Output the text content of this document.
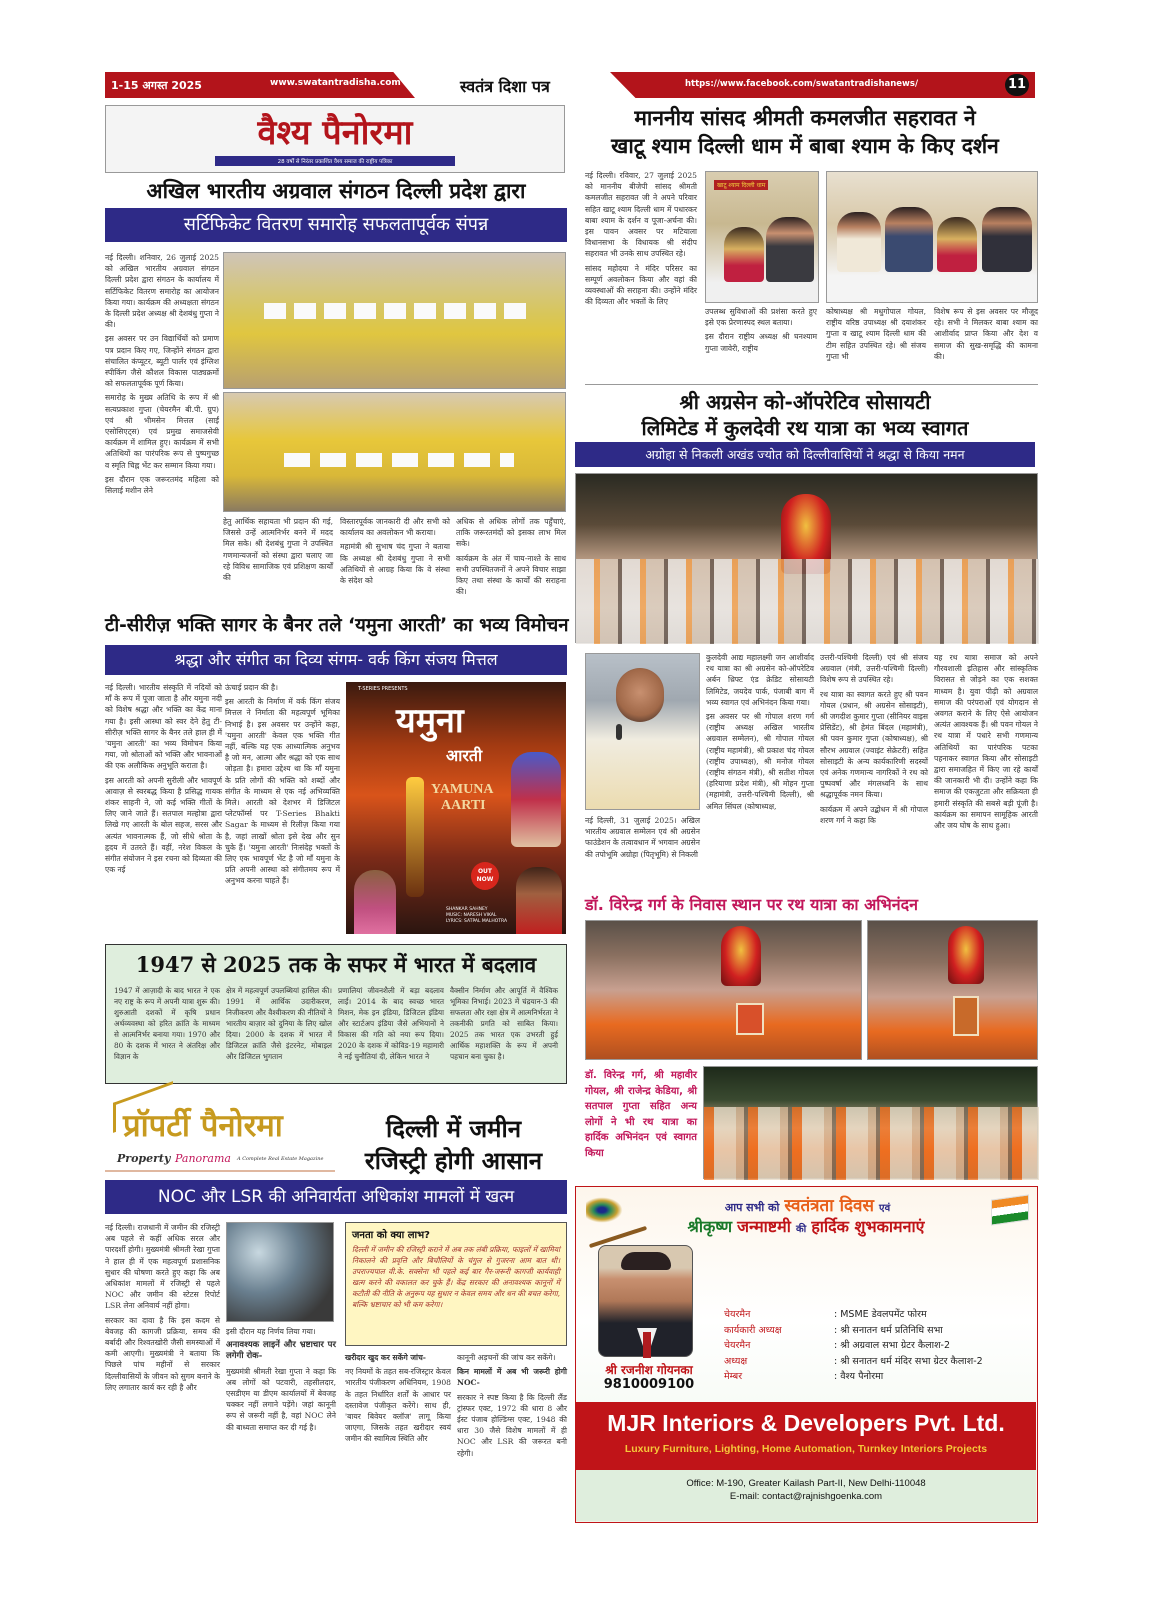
1-15 अगस्त 2025	www.swatantradisha.com	स्वतंत्र दिशा पत्र	https://www.facebook.com/swatantradishanews/	11
वैश्य पैनोरमा
28 वर्षों से निरंतर प्रकाशित वैश्य समाज की राष्ट्रीय पत्रिका
अखिल भारतीय अग्रवाल संगठन दिल्ली प्रदेश द्वारा
सर्टिफिकेट वितरण समारोह सफलतापूर्वक संपन्न

नई दिल्ली। शनिवार, 26 जुलाई 2025 को अखिल भारतीय अग्रवाल संगठन दिल्ली प्रदेश द्वारा संगठन के कार्यालय में सर्टिफिकेट वितरण समारोह का आयोजन किया गया। कार्यक्रम की अध्यक्षता संगठन के दिल्ली प्रदेश अध्यक्ष श्री देशबंधु गुप्ता ने की।

इस अवसर पर उन विद्यार्थियों को प्रमाण पत्र प्रदान किए गए, जिन्होंने संगठन द्वारा संचालित कंप्यूटर, ब्यूटी पार्लर एवं इंग्लिश स्पीकिंग जैसे कौशल विकास पाठ्यक्रमों को सफलतापूर्वक पूर्ण किया।

समारोह के मुख्य अतिथि के रूप में श्री सत्यप्रकाश गुप्ता (चेयरमैन बी.पी. ग्रुप) एवं श्री भीमसेन मित्तल (साईं एसोसिएट्स) एवं प्रमुख समाजसेवी कार्यक्रम में शामिल हुए। कार्यक्रम में सभी अतिथियों का पारंपरिक रूप से पुष्पगुच्छ व स्मृति चिह्न भेंट कर सम्मान किया गया।

इस दौरान एक जरूरतमंद महिला को सिलाई मशीन लेने

हेतु आर्थिक सहायता भी प्रदान की गई, जिससे उन्हें आत्मनिर्भर बनने में मदद मिल सके। श्री देशबंधु गुप्ता ने उपस्थित गणमान्यजनों को संस्था द्वारा चलाए जा रहे विविध सामाजिक एवं प्रशिक्षण कार्यों की

विस्तारपूर्वक जानकारी दी और सभी को कार्यालय का अवलोकन भी कराया।

महामंत्री श्री सुभाष चंद गुप्ता ने बताया कि अध्यक्ष श्री देशबंधु गुप्ता ने सभी अतिथियों से आग्रह किया कि वे संस्था के संदेश को

अधिक से अधिक लोगों तक पहुँचाएं, ताकि जरूरतमंदों को इसका लाभ मिल सके।

कार्यक्रम के अंत में चाय-नाश्ते के साथ सभी उपस्थितजनों ने अपने विचार साझा किए तथा संस्था के कार्यों की सराहना की।

टी-सीरीज़ भक्ति सागर के बैनर तले ‘यमुना आरती’ का भव्य विमोचन
श्रद्धा और संगीत का दिव्य संगम- वर्क किंग संजय मित्तल

नई दिल्ली। भारतीय संस्कृति में नदियों को माँ के रूप में पूजा जाता है और यमुना नदी को विशेष श्रद्धा और भक्ति का केंद्र माना गया है। इसी आस्था को स्वर देने हेतु टी-सीरीज़ भक्ति सागर के बैनर तले हाल ही में 'यमुना आरती' का भव्य विमोचन किया गया, जो श्रोताओं को भक्ति और भावनाओं की एक अलौकिक अनुभूति कराता है।

इस आरती को अपनी सुरीली और भावपूर्ण आवाज़ से स्वरबद्ध किया है प्रसिद्ध गायक शंकर साहनी ने, जो कई भक्ति गीतों के लिए जाने जाते हैं। सतपाल मल्होत्रा द्वारा लिखे गए आरती के बोल सहज, सरस और अत्यंत भावनात्मक हैं, जो सीधे श्रोता के हृदय में उतरते हैं। वहीं, नरेश विकल के संगीत संयोजन ने इस रचना को दिव्यता की एक नई

ऊंचाई प्रदान की है।

इस आरती के निर्माण में वर्क किंग संजय मित्तल ने निर्माता की महत्वपूर्ण भूमिका निभाई है। इस अवसर पर उन्होंने कहा, 'यमुना आरती' केवल एक भक्ति गीत नहीं, बल्कि यह एक आध्यात्मिक अनुभव है जो मन, आत्मा और श्रद्धा को एक साथ जोड़ता है। हमारा उद्देश्य था कि माँ यमुना के प्रति लोगों की भक्ति को शब्दों और संगीत के माध्यम से एक नई अभिव्यक्ति मिले। आरती को देशभर में डिजिटल प्लेटफॉर्म्स पर T-Series Bhakti Sagar के माध्यम से रिलीज़ किया गया है, जहां लाखों श्रोता इसे देख और सुन चुके हैं। 'यमुना आरती' निःसंदेह भक्तों के लिए एक भावपूर्ण भेंट है जो माँ यमुना के प्रति अपनी आस्था को संगीतमय रूप में अनुभव करना चाहते हैं।

T-SERIES PRESENTS
यमुना
आरती
YAMUNA
AARTI
OUT
NOW
SHANKAR SAHNEY
MUSIC: NARESH VIKAL
LYRICS: SATPAL MALHOTRA
1947 से 2025 तक के सफर में भारत में बदलाव
1947 में आज़ादी के बाद भारत ने एक नए राष्ट्र के रूप में अपनी यात्रा शुरू की। शुरुआती दशकों में कृषि प्रधान अर्थव्यवस्था को हरित क्रांति के माध्यम से आत्मनिर्भर बनाया गया। 1970 और 80 के दशक में भारत ने अंतरिक्ष और विज्ञान के
क्षेत्र में महत्वपूर्ण उपलब्धियां हासिल की। 1991 में आर्थिक उदारीकरण, निजीकरण और वैश्वीकरण की नीतियों ने भारतीय बाज़ार को दुनिया के लिए खोल दिया। 2000 के दशक में भारत में डिजिटल क्रांति जैसे इंटरनेट, मोबाइल और डिजिटल भुगतान
प्रणालियां जीवनशैली में बड़ा बदलाव लाईं। 2014 के बाद स्वच्छ भारत मिशन, मेक इन इंडिया, डिजिटल इंडिया और स्टार्टअप इंडिया जैसे अभियानों ने विकास की गति को नया रूप दिया। 2020 के दशक में कोविड-19 महामारी ने नई चुनौतियां दी, लेकिन भारत ने
वैक्सीन निर्माण और आपूर्ति में वैश्विक भूमिका निभाई। 2023 में चंद्रयान-3 की सफलता और रक्षा क्षेत्र में आत्मनिर्भरता ने तकनीकी प्रगति को साबित किया। 2025 तक भारत एक उभरती हुई आर्थिक महाशक्ति के रूप में अपनी पहचान बना चुका है।
प्रॉपर्टी पैनोरमा
Property Panorama A Complete Real Estate Magazine
दिल्ली में जमीन
रजिस्ट्री होगी आसान
NOC और LSR की अनिवार्यता अधिकांश मामलों में खत्म

नई दिल्ली। राजधानी में जमीन की रजिस्ट्री अब पहले से कहीं अधिक सरल और पारदर्शी होगी। मुख्यमंत्री श्रीमती रेखा गुप्ता ने हाल ही में एक महत्वपूर्ण प्रशासनिक सुधार की घोषणा करते हुए कहा कि अब अधिकांश मामलों में रजिस्ट्री से पहले NOC और जमीन की स्टेटस रिपोर्ट LSR लेना अनिवार्य नहीं होगा।

सरकार का दावा है कि इस कदम से बेवजह की कागजी प्रक्रिया, समय की बर्बादी और रिश्वतखोरी जैसी समस्याओं में कमी आएगी। मुख्यमंत्री ने बताया कि पिछले पांच महीनों से सरकार दिल्लीवासियों के जीवन को सुगम बनाने के लिए लगातार कार्य कर रही है और

इसी दौरान यह निर्णय लिया गया।

अनावश्यक लाइनें और भ्रष्टाचार पर लगेगी रोक-

मुख्यमंत्री श्रीमती रेखा गुप्ता ने कहा कि अब लोगों को पटवारी, तहसीलदार, एसडीएम या डीएम कार्यालयों में बेवजह चक्कर नहीं लगाने पड़ेंगे। जहां कानूनी रूप से जरूरी नहीं है, वहां NOC लेने की बाध्यता समाप्त कर दी गई है।

जनता को क्या लाभ?
दिल्ली में जमीन की रजिस्ट्री कराने में अब तक लंबी प्रक्रिया, फाइलों में खामियां निकालने की प्रवृत्ति और बिचौलियों के चंगुल से गुजरना आम बात थी। उपराज्यपाल वी.के. सक्सेना भी पहले कई बार गैर-जरूरी कागजी कार्यवाही खत्म करने की वकालत कर चुके हैं। केंद्र सरकार की अनावश्यक कानूनों में कटौती की नीति के अनुरूप यह सुधार न केवल समय और धन की बचत करेगा, बल्कि भ्रष्टाचार को भी कम करेगा।

खरीदार खुद कर सकेंगे जांच-

नए नियमों के तहत सब-रजिस्ट्रार केवल भारतीय पंजीकरण अधिनियम, 1908 के तहत निर्धारित शर्तों के आधार पर दस्तावेज पंजीकृत करेंगे। साथ ही, 'बायर बिवेयर क्लॉज' लागू किया जाएगा, जिसके तहत खरीदार स्वयं जमीन की स्वामित्व स्थिति और

कानूनी अड़चनों की जांच कर सकेंगे।

किन मामलों में अब भी जरूरी होगी NOC-

सरकार ने स्पष्ट किया है कि दिल्ली लैंड ट्रांस्फर एक्ट, 1972 की धारा 8 और ईस्ट पंजाब होल्डिंग्स एक्ट, 1948 की धारा 30 जैसे विशेष मामलों में ही NOC और LSR की जरूरत बनी रहेगी।

माननीय सांसद श्रीमती कमलजीत सहरावत ने
खाटू श्याम दिल्ली धाम में बाबा श्याम के किए दर्शन

नई दिल्ली। रविवार, 27 जुलाई 2025 को माननीय बीजेपी सांसद श्रीमती कमलजीत सहरावत जी ने अपने परिवार सहित खाटू श्याम दिल्ली धाम में पधारकर बाबा श्याम के दर्शन व पूजा-अर्चना की। इस पावन अवसर पर मटियाला विधानसभा के विधायक श्री संदीप सहरावत भी उनके साथ उपस्थित रहे।

सांसद महोदया ने मंदिर परिसर का सम्पूर्ण अवलोकन किया और वहां की व्यवस्थाओं की सराहना की। उन्होंने मंदिर की दिव्यता और भक्तों के लिए

खाटू श्याम दिल्ली धाम

उपलब्ध सुविधाओं की प्रशंसा करते हुए इसे एक प्रेरणास्पद स्थल बताया।

इस दौरान राष्ट्रीय अध्यक्ष श्री घनश्याम गुप्ता जावेरी, राष्ट्रीय

कोषाध्यक्ष श्री मधुगोपाल गोयल, राष्ट्रीय वरिष्ठ उपाध्यक्ष श्री दयाशंकर गुप्ता व खाटू श्याम दिल्ली धाम की टीम सहित उपस्थित रहे। श्री संजय गुप्ता भी

विशेष रूप से इस अवसर पर मौजूद रहे। सभी ने मिलकर बाबा श्याम का आशीर्वाद प्राप्त किया और देश व समाज की सुख-समृद्धि की कामना की।

श्री अग्रसेन को-ऑपरेटिव सोसायटी
लिमिटेड में कुलदेवी रथ यात्रा का भव्य स्वागत
अग्रोहा से निकली अखंड ज्योत को दिल्लीवासियों ने श्रद्धा से किया नमन

नई दिल्ली, 31 जुलाई 2025। अखिल भारतीय अग्रवाल सम्मेलन एवं श्री अग्रसेन फाउंडेशन के तत्वावधान में भगवान अग्रसेन की तपोभूमि अग्रोहा (पितृभूमि) से निकली

कुलदेवी आद्य महालक्ष्मी जन आशीर्वाद रथ यात्रा का श्री अग्रसेन को-ऑपरेटिव अर्बन थ्रिफ्ट एंड क्रेडिट सोसायटी लिमिटेड, जयदेव पार्क, पंजाबी बाग में भव्य स्वागत एवं अभिनंदन किया गया।

इस अवसर पर श्री गोपाल शरण गर्ग (राष्ट्रीय अध्यक्ष अखिल भारतीय अग्रवाल सम्मेलन), श्री गोपाल गोयल (राष्ट्रीय महामंत्री), श्री प्रकाश चंद गोयल (राष्ट्रीय उपाध्यक्ष), श्री मनोज गोयल (राष्ट्रीय संगठन मंत्री), श्री सतीश गोयल (हरियाणा प्रदेश मंत्री), श्री मोहन गुप्ता (महामंत्री, उत्तरी-पश्चिमी दिल्ली), श्री अमित सिंघल (कोषाध्यक्ष,

उत्तरी-पश्चिमी दिल्ली) एवं श्री संजय अग्रवाल (मंत्री, उत्तरी-पश्चिमी दिल्ली) विशेष रूप से उपस्थित रहे।

रथ यात्रा का स्वागत करते हुए श्री पवन गोयल (प्रधान, श्री अग्रसेन सोसाइटी), श्री जगदीश कुमार गुप्ता (सीनियर वाइस प्रेसिडेंट), श्री हेमंत बिंदल (महामंत्री), श्री पवन कुमार गुप्ता (कोषाध्यक्ष), श्री सौरभ अग्रवाल (ज्वाइंट सेक्रेटरी) सहित सोसाइटी के अन्य कार्यकारिणी सदस्यों एवं अनेक गणमान्य नागरिकों ने रथ को पुष्पवर्षा और मंगलध्वनि के साथ श्रद्धापूर्वक नमन किया।

कार्यक्रम में अपने उद्बोधन में श्री गोपाल शरण गर्ग ने कहा कि

यह रथ यात्रा समाज को अपने गौरवशाली इतिहास और सांस्कृतिक विरासत से जोड़ने का एक सशक्त माध्यम है। युवा पीढ़ी को अग्रवाल समाज की परंपराओं एवं योगदान से अवगत कराने के लिए ऐसे आयोजन अत्यंत आवश्यक हैं। श्री पवन गोयल ने रथ यात्रा में पधारे सभी गणमान्य अतिथियों का पारंपरिक पटका पहनाकर स्वागत किया और सोसाइटी द्वारा समाजहित में किए जा रहे कार्यों की जानकारी भी दी। उन्होंने कहा कि समाज की एकजुटता और सक्रियता ही हमारी संस्कृति की सबसे बड़ी पूंजी है। कार्यक्रम का समापन सामूहिक आरती और जय घोष के साथ हुआ।

डॉ. विरेन्द्र गर्ग के निवास स्थान पर रथ यात्रा का अभिनंदन
डॉ. विरेन्द्र गर्ग, श्री महावीर गोयल, श्री राजेन्द्र केडिया, श्री सतपाल गुप्ता सहित अन्य लोगों ने भी रथ यात्रा का हार्दिक अभिनंदन एवं स्वागत किया
आप सभी को स्वतंत्रता दिवस एवं
श्रीकृष्ण जन्माष्टमी की हार्दिक शुभकामनाएं
श्री रजनीश गोयनका
9810009100
चेयरमैन	: MSME डेवलपमेंट फोरम
कार्यकारी अध्यक्ष	: श्री सनातन धर्म प्रतिनिधि सभा
चेयरमैन	: श्री अग्रवाल सभा ग्रेटर कैलाश-2
अध्यक्ष	: श्री सनातन धर्म मंदिर सभा ग्रेटर कैलाश-2
मेम्बर	: वैश्य पैनोरमा
MJR Interiors & Developers Pvt. Ltd.
Luxury Furniture, Lighting, Home Automation, Turnkey Interiors Projects
Office: M-190, Greater Kailash Part-II, New Delhi-110048
E-mail: contact@rajnishgoenka.com
